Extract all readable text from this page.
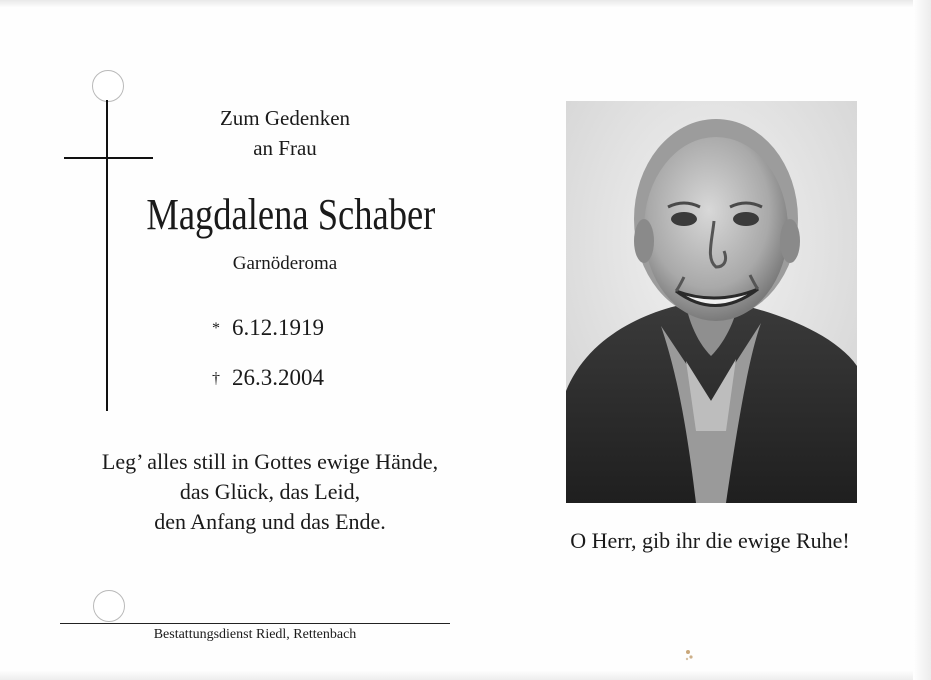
Zum Gedenken
an Frau
Magdalena Schaber
Garnöderoma
* 6.12.1919
† 26.3.2004
Leg’ alles still in Gottes ewige Hände,
das Glück, das Leid,
den Anfang und das Ende.
Bestattungsdienst Riedl, Rettenbach
O Herr, gib ihr die ewige Ruhe!
